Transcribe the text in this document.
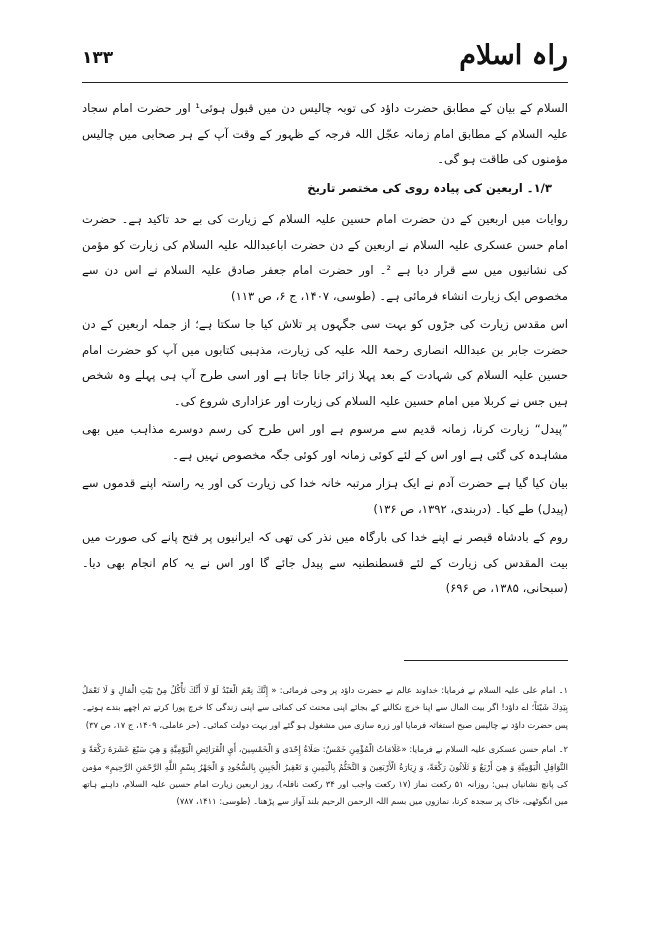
۱۳۳	راہ اسلام

السلام کے بیان کے مطابق حضرت داؤد کی توبہ چالیس دن میں قبول ہوئی¹ اور حضرت امام سجاد علیہ السلام کے مطابق امام زمانہ عجّل اللہ فرجہ کے ظہور کے وقت آپ کے ہر صحابی میں چالیس مؤمنوں کی طاقت ہو گی۔

۱/۳۔ اربعین کی پیادہ روی کی مختصر تاریخ

روایات میں اربعین کے دن حضرت امام حسین علیہ السلام کے زیارت کی بے حد تاکید ہے۔ حضرت امام حسن عسکری علیہ السلام نے اربعین کے دن حضرت اباعبداللہ علیہ السلام کی زیارت کو مؤمن کی نشانیوں میں سے قرار دیا ہے ²۔ اور حضرت امام جعفر صادق علیہ السلام نے اس دن سے مخصوص ایک زیارت انشاء فرمائی ہے۔ (طوسی، ۱۴۰۷، ج ۶، ص ۱۱۳)

اس مقدس زیارت کی جڑوں کو بہت سی جگہوں پر تلاش کیا جا سکتا ہے؛ از جملہ اربعین کے دن حضرت جابر بن عبداللہ انصاری رحمۃ اللہ علیہ کی زیارت، مذہبی کتابوں میں آپ کو حضرت امام حسین علیہ السلام کی شہادت کے بعد پہلا زائر جانا جاتا ہے اور اسی طرح آپ ہی پہلے وہ شخص ہیں جس نے کربلا میں امام حسین علیہ السلام کی زیارت اور عزاداری شروع کی۔

”پیدل“ زیارت کرنا، زمانہ قدیم سے مرسوم ہے اور اس طرح کی رسم دوسرے مذاہب میں بھی مشاہدہ کی گئی ہے اور اس کے لئے کوئی زمانہ اور کوئی جگہ مخصوص نہیں ہے۔

بیان کیا گیا ہے حضرت آدم نے ایک ہزار مرتبہ خانہ خدا کی زیارت کی اور یہ راستہ اپنے قدموں سے (پیدل) طے کیا۔ (دربندی، ۱۳۹۲، ص ۱۳۶)

روم کے بادشاہ قیصر نے اپنے خدا کی بارگاہ میں نذر کی تھی کہ ایرانیوں پر فتح پانے کی صورت میں بیت المقدس کی زیارت کے لئے قسطنطنیہ سے پیدل جائے گا اور اس نے یہ کام انجام بھی دیا۔ (سبحانی، ۱۳۸۵، ص ۶۹۶)

۱۔ امام علی علیہ السلام نے فرمایا: خداوند عالم نے حضرت داؤد پر وحی فرمائی: « إِنَّكَ نِعْمَ الْعَبْدُ لَوْ لَا أَنَّكَ تَأْكُلُ مِنْ بَيْتِ الْمَالِ وَ لَا تَعْمَلُ بِيَدِكَ شَيْئاً؛ اے داؤد! اگر بیت المال سے اپنا خرچ نکالنے کے بجائے اپنی محنت کی کمائی سے اپنی زندگی کا خرچ پورا کرتے تم اچھے بندے ہوتے۔ پس حضرت داؤد نے چالیس صبح استغاثہ فرمایا اور زرہ سازی میں مشغول ہو گئے اور بہت دولت کمائی۔ (حر عاملی، ۱۴۰۹، ج ۱۷، ص ۳۷)

۲۔ امام حسن عسکری علیہ السلام نے فرمایا: «عَلَامَاتُ الْمُؤْمِنِ خَمْسٌ: صَلَاةُ إِحْدَى وَ الْخَمْسِينَ، أَيِ الْفَرَائِضِ الْيَوْمِيَّةِ وَ هِيَ سَبْعَ عَشَرَةَ رَكْعَةً وَ النَّوَافِلِ الْيَوْمِيَّةِ وَ هِيَ أَرْبَعٌ وَ ثَلَاثُونَ رَكْعَةً، وَ زِيَارَةُ الْأَرْبَعِينَ وَ التَّخَتُّمُ بِالْيَمِينِ وَ تَعْفِيرُ الْجَبِينِ بِالسُّجُودِ وَ الْجَهْرُ بِسْمِ اللَّهِ الرَّحْمَنِ الرَّحِيمِ» مؤمن کی پانچ نشانیاں ہیں: روزانہ ۵۱ رکعت نماز (۱۷ رکعت واجب اور ۳۴ رکعت نافلہ)، روز اربعین زیارت امام حسین علیہ السلام، داہنے ہاتھ میں انگوٹھی، خاک پر سجدہ کرنا، نمازوں میں بسم اللہ الرحمن الرحیم بلند آواز سے پڑھنا۔ (طوسی: ۱۴۱۱، ۷۸۷)
